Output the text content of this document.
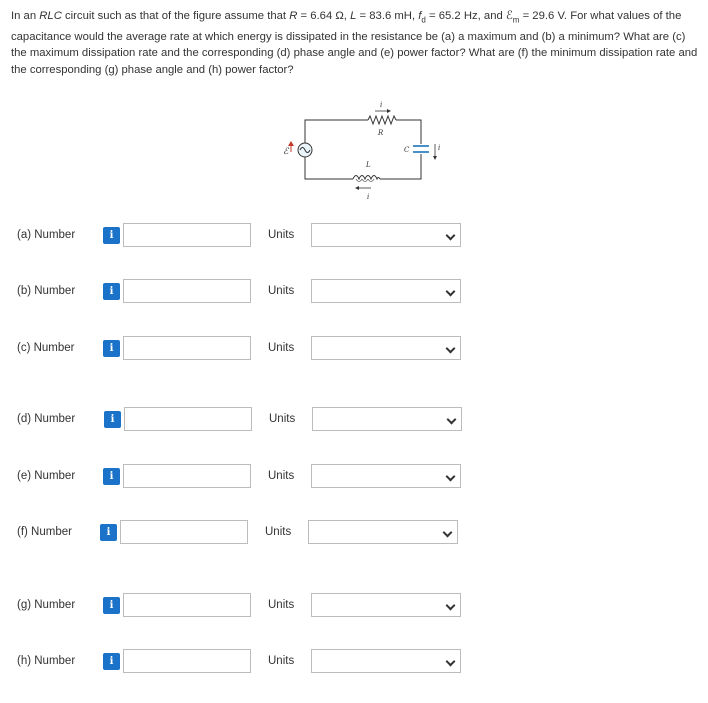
In an RLC circuit such as that of the figure assume that R = 6.64 Ω, L = 83.6 mH, $f_d = 65.2$ Hz, and ℰ$_m$ = 29.6 V. For what values of the capacitance would the average rate at which energy is dissipated in the resistance be (a) a maximum and (b) a minimum? What are (c) the maximum dissipation rate and the corresponding (d) phase angle and (e) power factor? What are (f) the minimum dissipation rate and the corresponding (g) phase angle and (h) power factor?
ℰ
R
L
C
i
i
i
(a) Number	i	Units
(b) Number	i	Units
(c) Number	i	Units
(d) Number	i	Units
(e) Number	i	Units
(f) Number	i	Units
(g) Number	i	Units
(h) Number	i	Units
